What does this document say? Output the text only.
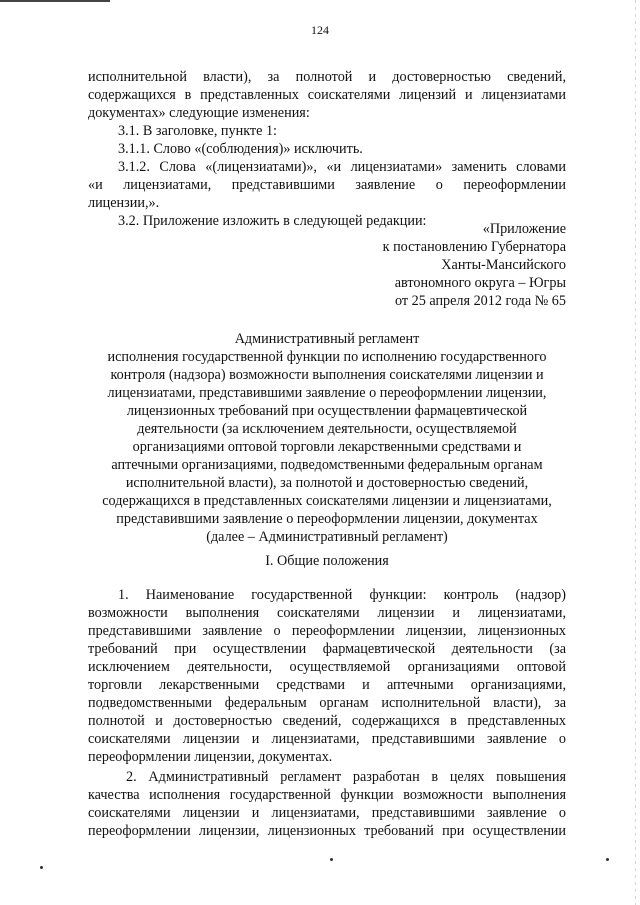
124
исполнительной власти), за полнотой и достоверностью сведений,
содержащихся в представленных соискателями лицензий и лицензиатами
документах» следующие изменения:
3.1. В заголовке, пункте 1:
3.1.1. Слово «(соблюдения)» исключить.
3.1.2. Слова «(лицензиатами)», «и лицензиатами» заменить словами
«и лицензиатами, представившими заявление о переоформлении
лицензии,».
3.2. Приложение изложить в следующей редакции:	«Приложение
к постановлению Губернатора
Ханты-Мансийского
автономного округа – Югры
от 25 апреля 2012 года № 65
Административный регламент
исполнения государственной функции по исполнению государственного
контроля (надзора) возможности выполнения соискателями лицензии и
лицензиатами, представившими заявление о переоформлении лицензии,
лицензионных требований при осуществлении фармацевтической
деятельности (за исключением деятельности, осуществляемой
организациями оптовой торговли лекарственными средствами и
аптечными организациями, подведомственными федеральным органам
исполнительной власти), за полнотой и достоверностью сведений,
содержащихся в представленных соискателями лицензии и лицензиатами,
представившими заявление о переоформлении лицензии, документах
(далее – Административный регламент)
I. Общие положения
1. Наименование государственной функции: контроль (надзор)
возможности выполнения соискателями лицензии и лицензиатами,
представившими заявление о переоформлении лицензии, лицензионных
требований при осуществлении фармацевтической деятельности (за
исключением деятельности, осуществляемой организациями оптовой
торговли лекарственными средствами и аптечными организациями,
подведомственными федеральным органам исполнительной власти), за
полнотой и достоверностью сведений, содержащихся в представленных
соискателями лицензии и лицензиатами, представившими заявление о
переоформлении лицензии, документах.
2. Административный регламент разработан в целях повышения
качества исполнения государственной функции возможности выполнения
соискателями лицензии и лицензиатами, представившими заявление о
переоформлении лицензии, лицензионных требований при осуществлении
